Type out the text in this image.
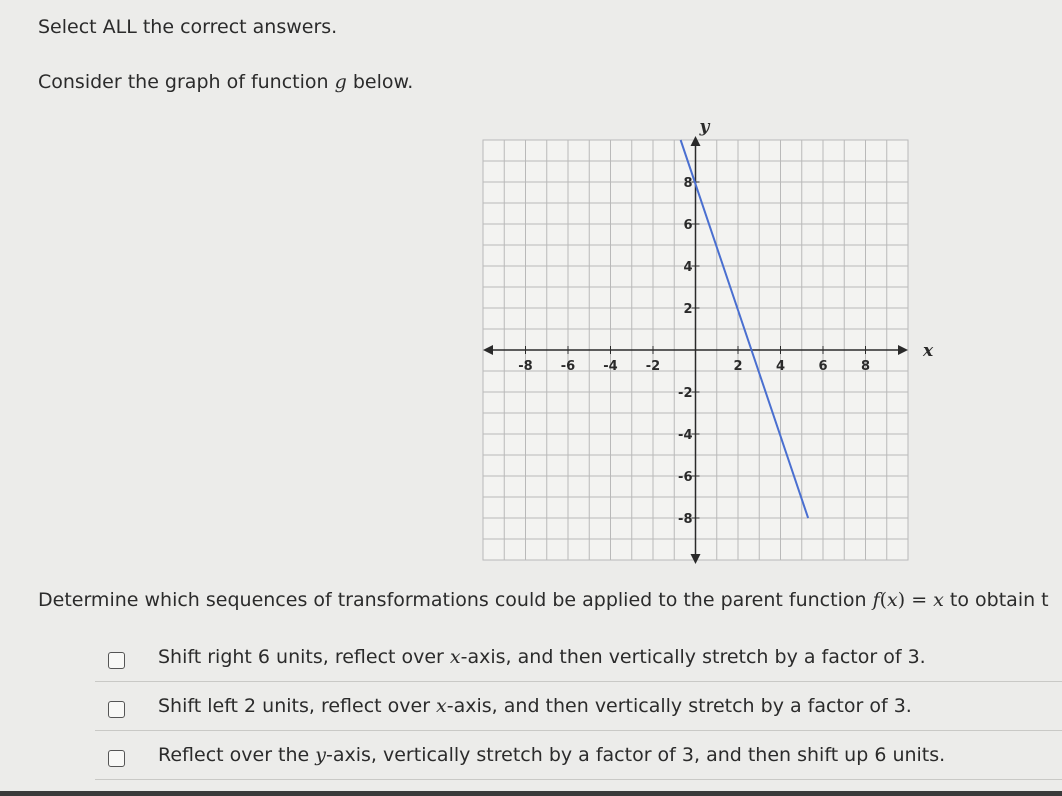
Select ALL the correct answers.
Consider the graph of function g below.
x
y
-8 -6 -4 -2	2	4	6	8
8
6
4
2
-2
-4
-6
-8
Determine which sequences of transformations could be applied to the parent function f(x) = x to obtain t
Shift right 6 units, reflect over x-axis, and then vertically stretch by a factor of 3.
Shift left 2 units, reflect over x-axis, and then vertically stretch by a factor of 3.
Reflect over the y-axis, vertically stretch by a factor of 3, and then shift up 6 units.
